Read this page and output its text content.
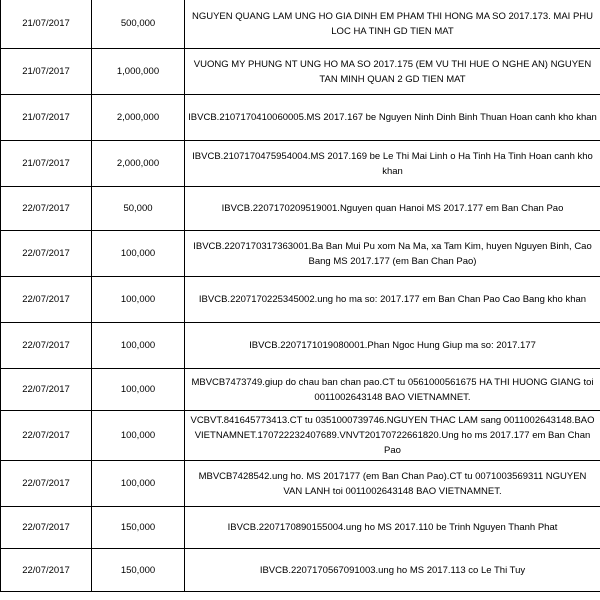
21/07/2017	500,000	NGUYEN QUANG LAM UNG HO GIA DINH EM PHAM THI HONG MA SO 2017.173. MAI PHU LOC HA TINH GD TIEN MAT
21/07/2017	1,000,000	VUONG MY PHUNG NT UNG HO MA SO 2017.175 (EM VU THI HUE O NGHE AN) NGUYEN TAN MINH QUAN 2 GD TIEN MAT
21/07/2017	2,000,000	IBVCB.2107170410060005.MS 2017.167 be Nguyen Ninh Dinh Binh Thuan Hoan canh kho khan
21/07/2017	2,000,000	IBVCB.2107170475954004.MS 2017.169 be Le Thi Mai Linh o Ha Tinh Ha Tinh Hoan canh kho khan
22/07/2017	50,000	IBVCB.2207170209519001.Nguyen quan Hanoi MS 2017.177 em Ban Chan Pao
22/07/2017	100,000	IBVCB.2207170317363001.Ba Ban Mui Pu xom Na Ma, xa Tam Kim, huyen Nguyen Binh, Cao Bang MS 2017.177 (em Ban Chan Pao)
22/07/2017	100,000	IBVCB.2207170225345002.ung ho ma so: 2017.177 em Ban Chan Pao Cao Bang kho khan
22/07/2017	100,000	IBVCB.2207171019080001.Phan Ngoc Hung Giup ma so: 2017.177
22/07/2017	100,000	MBVCB7473749.giup do chau ban chan pao.CT tu 0561000561675 HA THI HUONG GIANG toi 0011002643148 BAO VIETNAMNET.
22/07/2017	100,000	VCBVT.841645773413.CT tu 0351000739746.NGUYEN THAC LAM sang 0011002643148.BAO VIETNAMNET.170722232407689.VNVT20170722661820.Ung ho ms 2017.177 em Ban Chan Pao
22/07/2017	100,000	MBVCB7428542.ung ho. MS 2017177 (em Ban Chan Pao).CT tu 0071003569311 NGUYEN VAN LANH toi 0011002643148 BAO VIETNAMNET.
22/07/2017	150,000	IBVCB.2207170890155004.ung ho MS 2017.110 be Trinh Nguyen Thanh Phat
22/07/2017	150,000	IBVCB.2207170567091003.ung ho MS 2017.113 co Le Thi Tuy
